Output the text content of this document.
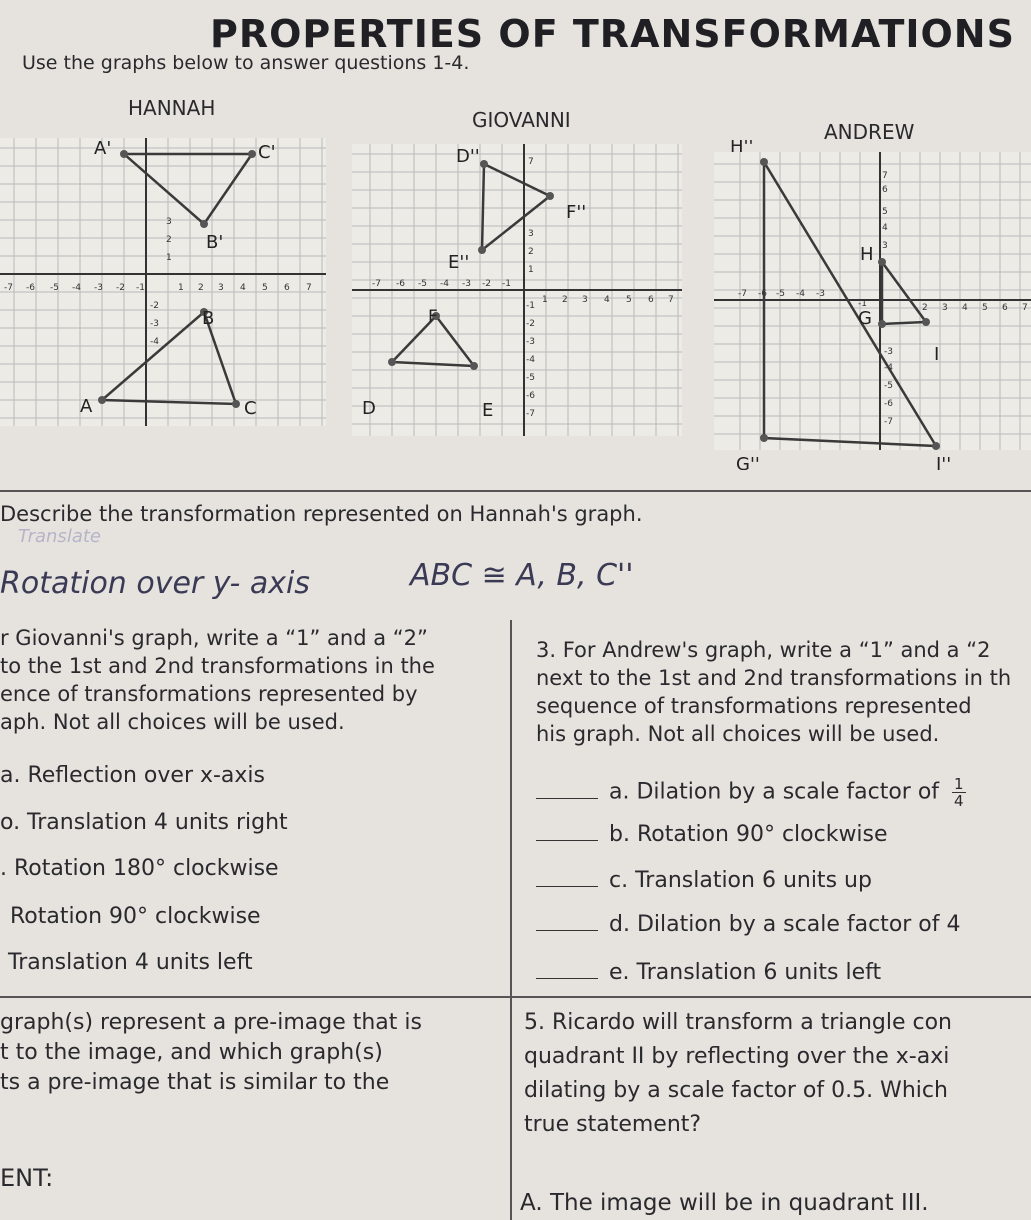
PROPERTIES OF TRANSFORMATIONS
Use the graphs below to answer questions 1-4.
HANNAH	GIOVANNI	ANDREW
-7 -6 -5 -4 -3 -2 -1	1 2 3 4 5 6 7
3
2
1
-2
-3
-4
A'	C'
B'
B
A	C
-7 -6 -5 -4 -3 -2 -1
1 2 3 4 5 6 7
7
3
2
1
-1
-2
-3
-4
-5
-6
-7
D''
F''
E''
F
D	E
-7 -6 -5 -4 -3
-1	2 3 4 5 6 7
7
6
5
4
3
-3
-4
-5
-6
-7
H''
G''	I''
H
G
I
Describe the transformation represented on Hannah's graph.
Translate
Rotation over y- axis	ABC ≅ A, B, C''
r Giovanni's graph, write a “1” and a “2”
to the 1st and 2nd transformations in the
ence of transformations represented by
aph. Not all choices will be used.
a. Reflection over x-axis
o. Translation 4 units right
. Rotation 180° clockwise
Rotation 90° clockwise
Translation 4 units left
3. For Andrew's graph, write a “1” and a “2
next to the 1st and 2nd transformations in th
sequence of transformations represented
his graph. Not all choices will be used.
a. Dilation by a scale factor of $\frac{1}{4}$
b. Rotation 90° clockwise
c. Translation 6 units up
d. Dilation by a scale factor of 4
e. Translation 6 units left
graph(s) represent a pre-image that is
t to the image, and which graph(s)
ts a pre-image that is similar to the
ENT:
5. Ricardo will transform a triangle con
quadrant II by reflecting over the x-axi
dilating by a scale factor of 0.5. Which
true statement?
A. The image will be in quadrant III.
